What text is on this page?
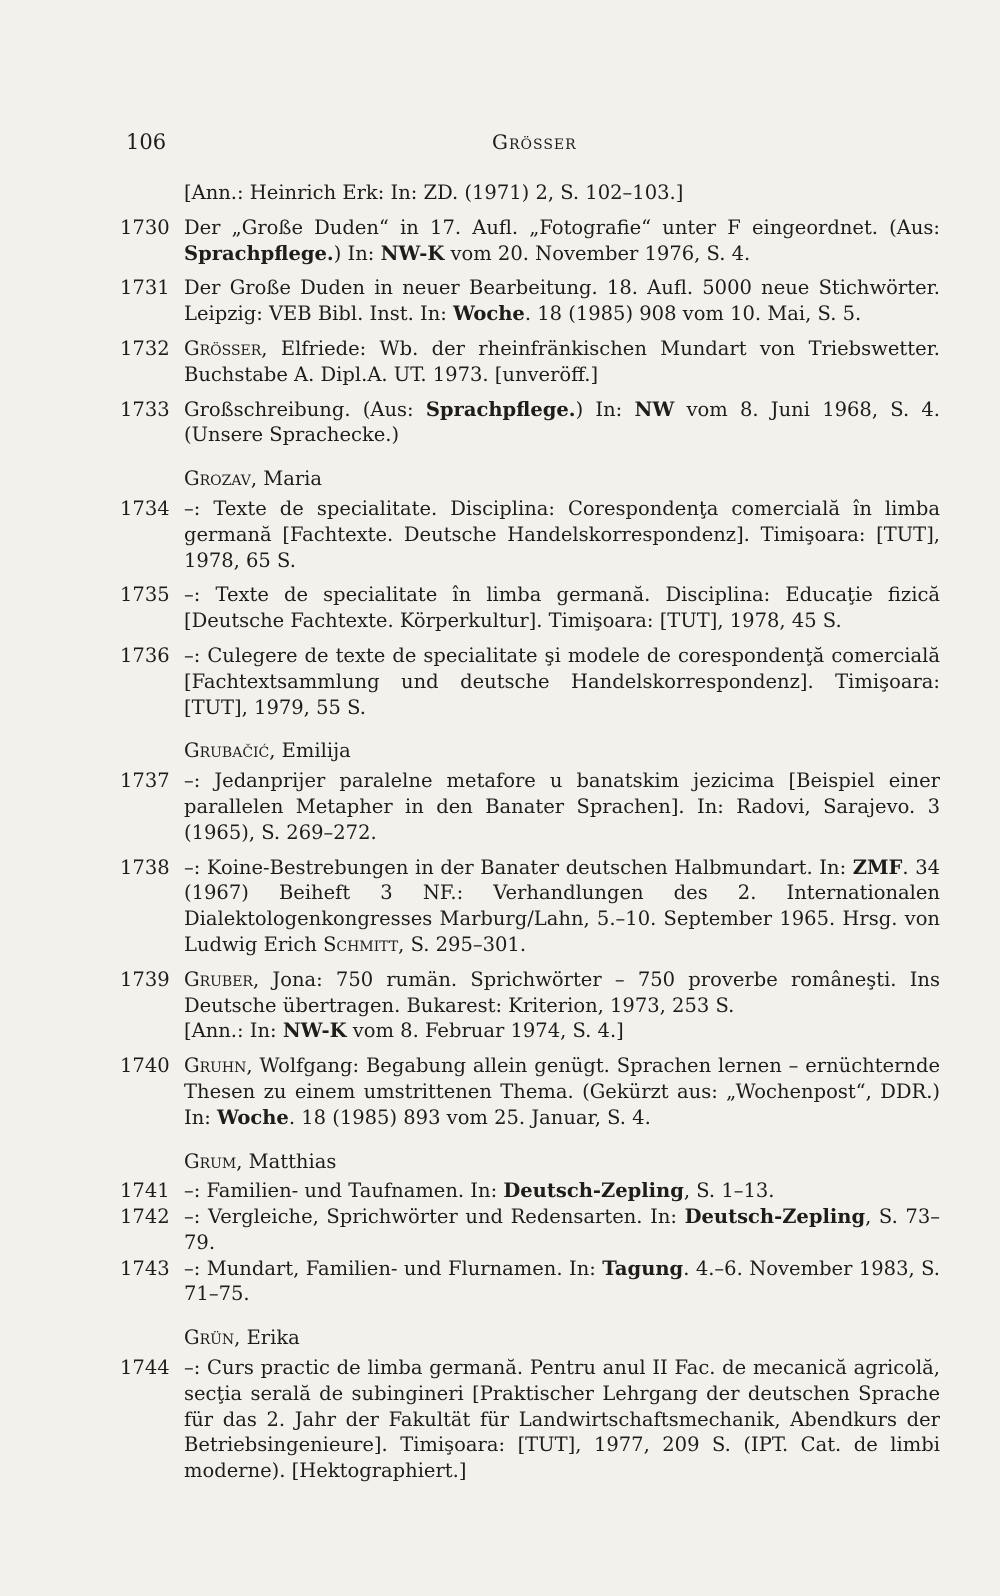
106	Grösser
[Ann.: Heinrich Erk: In: ZD. (1971) 2, S. 102–103.]
1730 Der „Große Duden“ in 17. Aufl. „Fotografie“ unter F eingeordnet. (Aus: Sprachpflege.) In: NW-K vom 20. November 1976, S. 4.
1731 Der Große Duden in neuer Bearbeitung. 18. Aufl. 5000 neue Stichwörter. Leipzig: VEB Bibl. Inst. In: Woche. 18 (1985) 908 vom 10. Mai, S. 5.
1732 Grösser, Elfriede: Wb. der rheinfränkischen Mundart von Triebswetter. Buchstabe A. Dipl.A. UT. 1973. [unveröff.]
1733 Großschreibung. (Aus: Sprachpflege.) In: NW vom 8. Juni 1968, S. 4. (Unsere Sprachecke.)
Grozav, Maria
1734 –: Texte de specialitate. Disciplina: Corespondenţa comercială în limba germană [Fachtexte. Deutsche Handelskorrespondenz]. Timişoara: [TUT], 1978, 65 S.
1735 –: Texte de specialitate în limba germană. Disciplina: Educaţie fizică [Deutsche Fachtexte. Körperkultur]. Timişoara: [TUT], 1978, 45 S.
1736 –: Culegere de texte de specialitate şi modele de corespondenţă comercială [Fachtextsammlung und deutsche Handelskorrespondenz]. Timişoara: [TUT], 1979, 55 S.
Grubačić, Emilija
1737 –: Jedanprijer paralelne metafore u banatskim jezicima [Beispiel einer parallelen Metapher in den Banater Sprachen]. In: Radovi, Sarajevo. 3 (1965), S. 269–272.
1738 –: Koine-Bestrebungen in der Banater deutschen Halbmundart. In: ZMF. 34 (1967) Beiheft 3 NF.: Verhandlungen des 2. Internationalen Dialektologenkongresses Marburg/Lahn, 5.–10. September 1965. Hrsg. von Ludwig Erich Schmitt, S. 295–301.
1739 Gruber, Jona: 750 rumän. Sprichwörter – 750 proverbe româneşti. Ins Deutsche übertragen. Bukarest: Kriterion, 1973, 253 S.
[Ann.: In: NW-K vom 8. Februar 1974, S. 4.]
1740 Gruhn, Wolfgang: Begabung allein genügt. Sprachen lernen – ernüchternde Thesen zu einem umstrittenen Thema. (Gekürzt aus: „Wochenpost“, DDR.) In: Woche. 18 (1985) 893 vom 25. Januar, S. 4.
Grum, Matthias
1741 –: Familien- und Taufnamen. In: Deutsch-Zepling, S. 1–13.
1742 –: Vergleiche, Sprichwörter und Redensarten. In: Deutsch-Zepling, S. 73–79.
1743 –: Mundart, Familien- und Flurnamen. In: Tagung. 4.–6. November 1983, S. 71–75.
Grün, Erika
1744 –: Curs practic de limba germană. Pentru anul II Fac. de mecanică agricolă, secţia serală de subingineri [Praktischer Lehrgang der deutschen Sprache für das 2. Jahr der Fakultät für Landwirtschaftsmechanik, Abendkurs der Betriebsingenieure]. Timişoara: [TUT], 1977, 209 S. (IPT. Cat. de limbi moderne). [Hektographiert.]
